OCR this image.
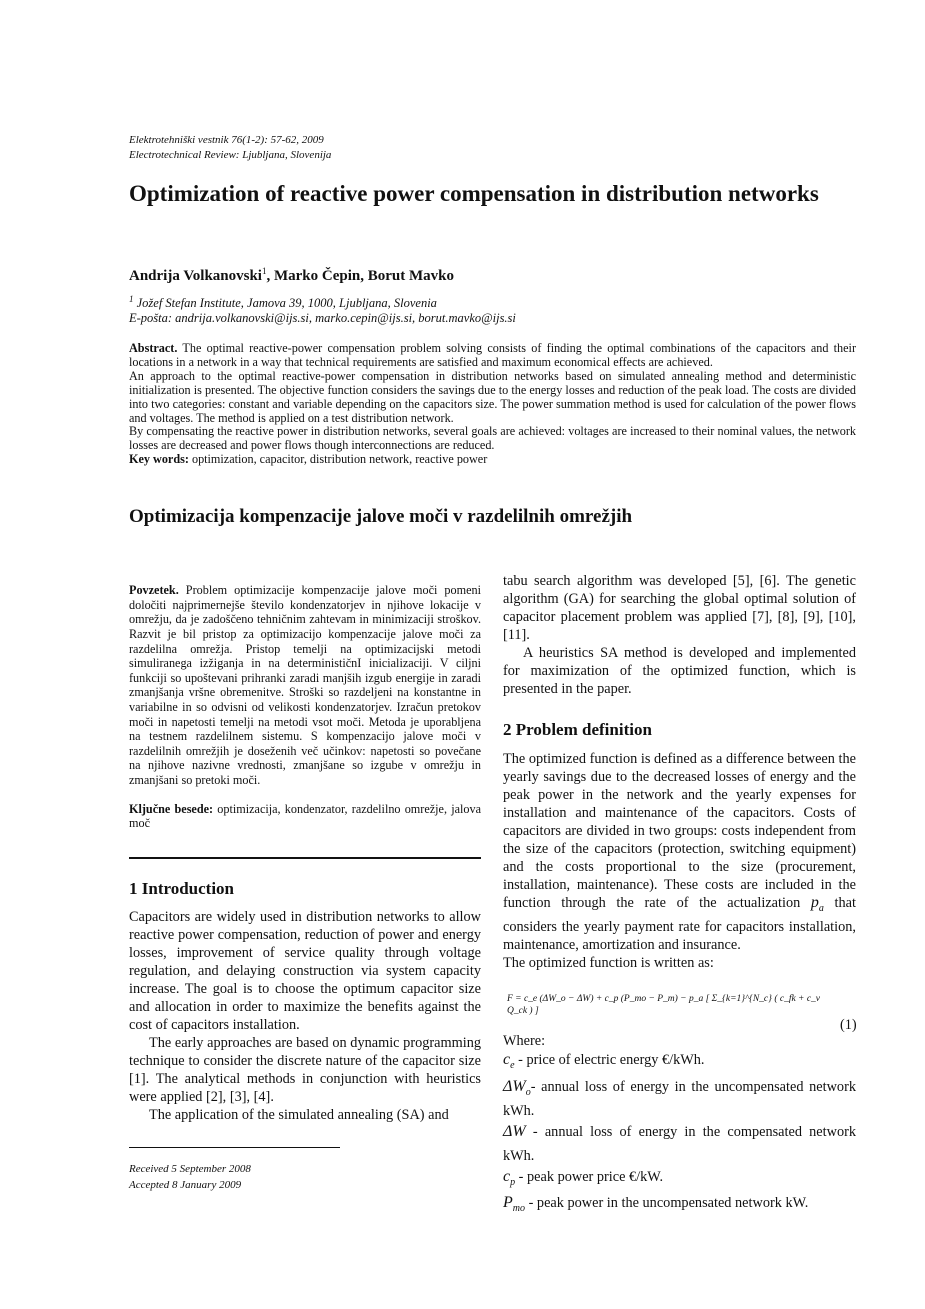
Elektrotehniški vestnik 76(1-2): 57-62, 2009
Electrotechnical Review: Ljubljana, Slovenija
Optimization of reactive power compensation in distribution networks
Andrija Volkanovski$^1$, Marko Čepin, Borut Mavko
$^1$ Jožef Stefan Institute, Jamova 39, 1000, Ljubljana, Slovenia
E-pošta: andrija.volkanovski@ijs.si, marko.cepin@ijs.si, borut.mavko@ijs.si

Abstract. The optimal reactive-power compensation problem solving consists of finding the optimal combinations of the capacitors and their locations in a network in a way that technical requirements are satisfied and maximum economical effects are achieved.

An approach to the optimal reactive-power compensation in distribution networks based on simulated annealing method and deterministic initialization is presented. The objective function considers the savings due to the energy losses and reduction of the peak load. The costs are divided into two categories: constant and variable depending on the capacitors size. The power summation method is used for calculation of the power flows and voltages. The method is applied on a test distribution network.

By compensating the reactive power in distribution networks, several goals are achieved: voltages are increased to their nominal values, the network losses are decreased and power flows though interconnections are reduced.

Key words: optimization, capacitor, distribution network, reactive power

Optimizacija kompenzacije jalove moči v razdelilnih omrežjih

Povzetek. Problem optimizacije kompenzacije jalove moči pomeni določiti najprimernejše število kondenzatorjev in njihove lokacije v omrežju, da je zadoščeno tehničnim zahtevam in minimizaciji stroškov. Razvit je bil pristop za optimizacijo kompenzacije jalove moči za razdelilna omrežja. Pristop temelji na optimizacijski metodi simuliranega izžiganja in na determinističnI inicializaciji. V ciljni funkciji so upoštevani prihranki zaradi manjših izgub energije in zaradi zmanjšanja vršne obremenitve. Stroški so razdeljeni na konstantne in variabilne in so odvisni od velikosti kondenzatorjev. Izračun pretokov moči in napetosti temelji na metodi vsot moči. Metoda je uporabljena na testnem razdelilnem sistemu. S kompenzacijo jalove moči v razdelilnih omrežjih je doseženih več učinkov: napetosti so povečane na njihove nazivne vrednosti, zmanjšane so izgube v omrežju in zmanjšani so pretoki moči.

Ključne besede: optimizacija, kondenzator, razdelilno omrežje, jalova moč

1 Introduction

Capacitors are widely used in distribution networks to allow reactive power compensation, reduction of power and energy losses, improvement of service quality through voltage regulation, and delaying construction via system capacity increase. The goal is to choose the optimum capacitor size and allocation in order to maximize the benefits against the cost of capacitors installation.

The early approaches are based on dynamic programming technique to consider the discrete nature of the capacitor size [1]. The analytical methods in conjunction with heuristics were applied [2], [3], [4].

The application of the simulated annealing (SA) and

Received 5 September 2008
Accepted 8 January 2009

tabu search algorithm was developed [5], [6]. The genetic algorithm (GA) for searching the global optimal solution of capacitor placement problem was applied [7], [8], [9], [10], [11].

A heuristics SA method is developed and implemented for maximization of the optimized function, which is presented in the paper.

2 Problem definition

The optimized function is defined as a difference between the yearly savings due to the decreased losses of energy and the peak power in the network and the yearly expenses for installation and maintenance of the capacitors. Costs of capacitors are divided in two groups: costs independent from the size of the capacitors (protection, switching equipment) and the costs proportional to the size (procurement, installation, maintenance). These costs are included in the function through the rate of the actualization $p_a$ that considers the yearly payment rate for capacitors installation, maintenance, amortization and insurance.

The optimized function is written as:

F = c_e (ΔW_o − ΔW) + c_p (P_mo − P_m) − p_a [ Σ_{k=1}^{N_c} ( c_fk + c_v Q_ck ) ]
(1)

Where:

$c_e$ - price of electric energy €/kWh.

$\Delta W_o-$ annual loss of energy in the uncompensated network kWh.

ΔW - annual loss of energy in the compensated network kWh.

$c_p$ - peak power price €/kW.

$P_{mo}$ - peak power in the uncompensated network kW.
